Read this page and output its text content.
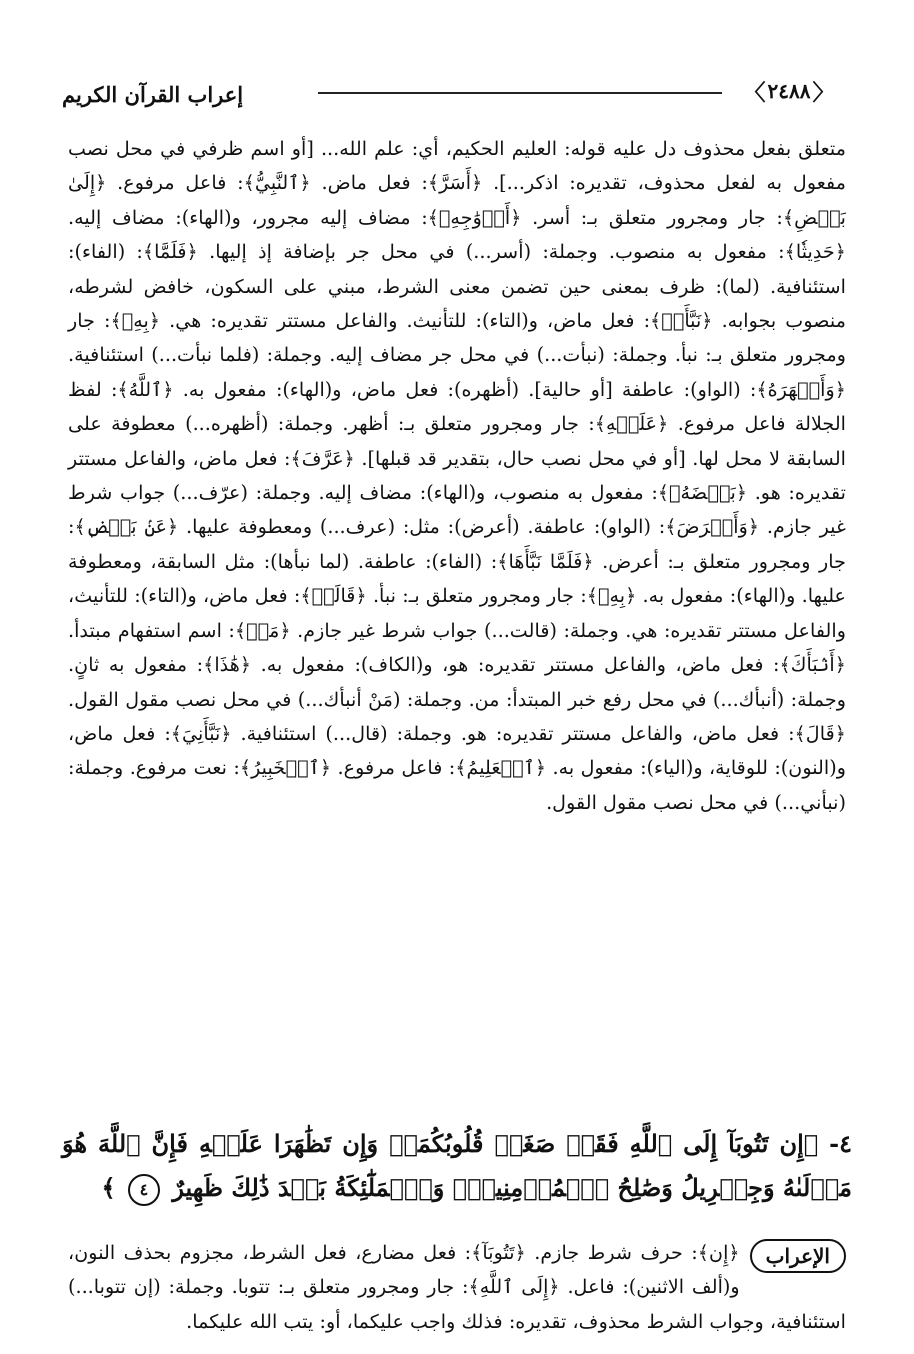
إعراب القرآن الكريم	〈
٢٤٨٨
〉
متعلق بفعل محذوف دل عليه قوله: العليم الحكيم، أي: علم الله... [أو اسم ظرفي في محل نصب مفعول به لفعل محذوف، تقديره: اذكر...]. ﴿أَسَرَّ﴾: فعل ماض. ﴿ٱلنَّبِيُّ﴾: فاعل مرفوع. ﴿إِلَىٰ بَعۡضِ﴾: جار ومجرور متعلق بـ: أسر. ﴿أَزۡوَٰجِهِۦ﴾: مضاف إليه مجرور، و(الهاء): مضاف إليه. ﴿حَدِيثٗا﴾: مفعول به منصوب. وجملة: (أسر...) في محل جر بإضافة إذ إليها. ﴿فَلَمَّا﴾: (الفاء): استئنافية. (لما): ظرف بمعنى حين تضمن معنى الشرط، مبني على السكون، خافض لشرطه، منصوب بجوابه. ﴿نَبَّأَتۡ﴾: فعل ماض، و(التاء): للتأنيث. والفاعل مستتر تقديره: هي. ﴿بِهِۦ﴾: جار ومجرور متعلق بـ: نبأ. وجملة: (نبأت...) في محل جر مضاف إليه. وجملة: (فلما نبأت...) استئنافية. ﴿وَأَظۡهَرَهُ﴾: (الواو): عاطفة [أو حالية]. (أظهره): فعل ماض، و(الهاء): مفعول به. ﴿ٱللَّهُ﴾: لفظ الجلالة فاعل مرفوع. ﴿عَلَيۡهِ﴾: جار ومجرور متعلق بـ: أظهر. وجملة: (أظهره...) معطوفة على السابقة لا محل لها. [أو في محل نصب حال، بتقدير قد قبلها]. ﴿عَرَّفَ﴾: فعل ماض، والفاعل مستتر تقديره: هو. ﴿بَعۡضَهُۥ﴾: مفعول به منصوب، و(الهاء): مضاف إليه. وجملة: (عرّف...) جواب شرط غير جازم. ﴿وَأَعۡرَضَ﴾: (الواو): عاطفة. (أعرض): مثل: (عرف...) ومعطوفة عليها. ﴿عَنۢ بَعۡضٖ﴾: جار ومجرور متعلق بـ: أعرض. ﴿فَلَمَّا نَبَّأَهَا﴾: (الفاء): عاطفة. (لما نبأها): مثل السابقة، ومعطوفة عليها. و(الهاء): مفعول به. ﴿بِهِۦ﴾: جار ومجرور متعلق بـ: نبأ. ﴿قَالَتۡ﴾: فعل ماض، و(التاء): للتأنيث، والفاعل مستتر تقديره: هي. وجملة: (قالت...) جواب شرط غير جازم. ﴿مَنۡ﴾: اسم استفهام مبتدأ. ﴿أَنۢبَأَكَ﴾: فعل ماض، والفاعل مستتر تقديره: هو، و(الكاف): مفعول به. ﴿هَٰذَا﴾: مفعول به ثانٍ. وجملة: (أنبأك...) في محل رفع خبر المبتدأ: من. وجملة: (مَنْ أنبأك...) في محل نصب مقول القول. ﴿قَالَ﴾: فعل ماض، والفاعل مستتر تقديره: هو. وجملة: (قال...) استئنافية. ﴿نَبَّأَنِيَ﴾: فعل ماض، و(النون): للوقاية، و(الياء): مفعول به. ﴿ٱلۡعَلِيمُ﴾: فاعل مرفوع. ﴿ٱلۡخَبِيرُ﴾: نعت مرفوع. وجملة: (نبأني...) في محل نصب مقول القول.
٤- ﴿إِن تَتُوبَآ إِلَى ٱللَّهِ فَقَدۡ صَغَتۡ قُلُوبُكُمَاۖ وَإِن تَظَٰهَرَا عَلَيۡهِ فَإِنَّ ٱللَّهَ هُوَ مَوۡلَىٰهُ وَجِبۡرِيلُ وَصَٰلِحُ ٱلۡمُؤۡمِنِينَۖ وَٱلۡمَلَٰٓئِكَةُ بَعۡدَ ذَٰلِكَ ظَهِيرٌ ٤ ﴾
الإعراب
﴿إِن﴾: حرف شرط جازم. ﴿تَتُوبَآ﴾: فعل مضارع، فعل الشرط، مجزوم بحذف النون، و(ألف الاثنين): فاعل. ﴿إِلَى ٱللَّهِ﴾: جار ومجرور متعلق بـ: تتوبا. وجملة: (إن تتوبا...) استئنافية، وجواب الشرط محذوف، تقديره: فذلك واجب عليكما، أو: يتب الله عليكما.
